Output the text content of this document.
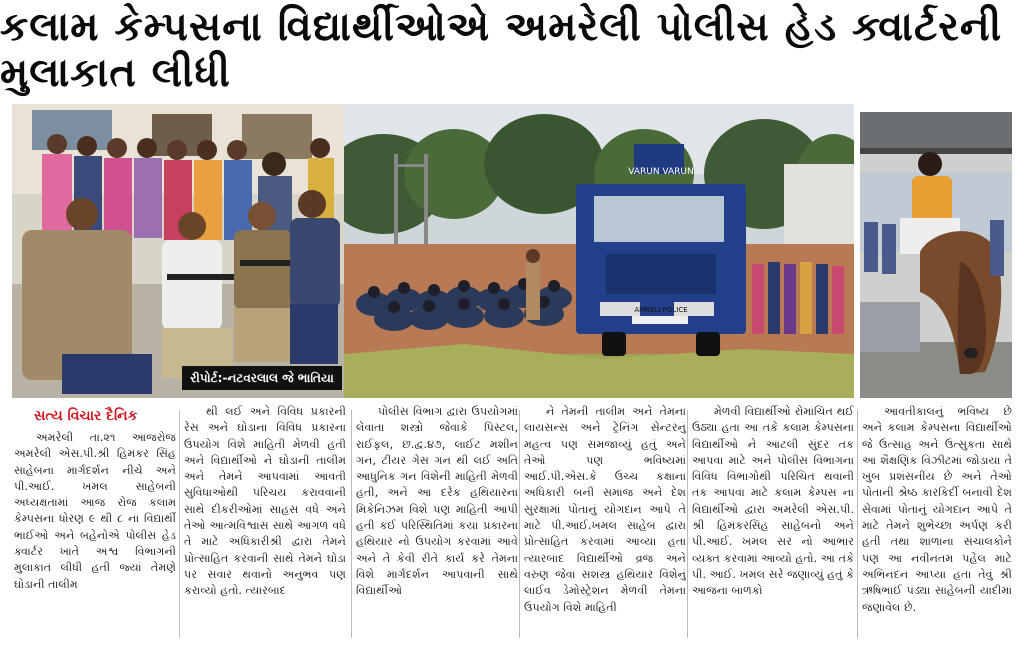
કલામ કેમ્પસના વિદ્યાર્થીઓએ અમરેલી પોલીસ હેડ ક્વાર્ટરની મુલાકાત લીધી
રીપોર્ટ:-નટવરલાલ જે ભાતિયા
VARUN VARUN
AMRELI POLICE
સત્ય વિચાર દૈનિક

અમરેલી તા.૨૧ આજરોજ અમરેલી એસ.પી.શ્રી હિમકર સિંહ સાહેબના માર્ગદર્શન નીચે અને પી.આઈ. ખમલ સાહેબની અધ્યક્ષતામાં આજ રોજ કલામ કેમ્પસના ધોરણ ૯ થી ૮ ના વિદ્યાર્થી ભાઈઓ અને બહેનોએ પોલીસ હેડ ક્વાર્ટર ખાતે અશ્વ વિભાગની મુલાકાત લીધી હતી જ્યાં તેમણે ઘોડાની તાલીમ

થી લઈ અને વિવિધ પ્રકારની રેસ અને ઘોડાના વિવિધ પ્રકારના ઉપયોગ વિશે માહિતી મેળવી હતી અને વિદ્યાર્થીઓ ને ઘોડાની તાલીમ અને તેમને આપવામાં આવતી સુવિધાઓથી પરિચય કરાવવાની સાથે દીકરીઓમાં સાહસ વધે અને તેઓ આત્મવિશ્વાસ સાથે આગળ વધે તે માટે અધિકારીશ્રી દ્વારા તેમને પ્રોત્સાહિત કરવાની સાથે તેમને ઘોડા પર સવાર થવાનો અનુભવ પણ કરાવ્યો હતો. ત્યારબાદ

પોલીસ વિભાગ દ્વારા ઉપયોગમાં લેવાતા શસ્ત્રો જેવાકે પિસ્ટલ, રાઈફલ, છ.દ્વ.૪૭, લાઈટ મશીન ગન, ટીયર ગેસ ગન થી લઈ અતિ આધુનિક ગન વિશેની માહિતી મેળવી હતી, અને આ દરેક હથિયારના મિકેનિઝમ વિશે પણ માહિતી આપી હતી કઈ પરિસ્થિતિમાં કયા પ્રકારના હથિયાર નો ઉપયોગ કરવામાં આવે અને તે કેવી રીતે કાર્ય કરે તેમના વિશે માર્ગદર્શન આપવાની સાથે વિદ્યાર્થીઓ

ને તેમની તાલીમ અને તેમના લાયસન્સ અને ટ્રેનિંગ સેન્ટરનું મહત્વ પણ સમજાવ્યું હતું અને તેઓ પણ ભવિષ્યમાં આઈ.પી.એસ.કે ઉચ્ચ કક્ષાના અધિકારી બની સમાજ અને દેશ સુરક્ષામાં પોતાનું યોગદાન આપે તે માટે પી.આઈ.ખમલ સાહેબ દ્વારા પ્રોત્સાહિત કરવામાં આવ્યા હતા ત્યારબાદ વિદ્યાર્થીઓ વ્રજ અને વરુણ જેવા સશસ્ત્ર હથિયાર વિશેનું લાઈવ ડેમોસ્ટ્રેશન મેળવી તેમના ઉપયોગ વિશે માહિતી

મેળવી વિદ્યાર્થીઓ રોમાંચિત થઈ ઉઠ્યા હતા આ તકે કલામ કેમ્પસના વિદ્યાર્થીઓ ને આટલી સુંદર તક આપવા માટે અને પોલીસ વિભાગના વિવિધ વિભાગોથી પરિચિત થવાની તક આપવા માટે કલામ કેમ્પસ ના વિદ્યાર્થીઓ દ્વારા અમરેલી એસ.પી. શ્રી હિમકરસિંહ સાહેબનો અને પી.આઈ. ખમલ સર નો આભાર વ્યક્ત કરવામાં આવ્યો હતો. આ તકે પી. આઈ. ખમલ સરે જણાવ્યું હતું કે આજના બાળકો

આવતીકાલનું ભવિષ્ય છે અને કલામ કેમ્પસના વિદ્યાર્થીઓ જે ઉત્સાહ અને ઉત્સુકતા સાથે આ શૈક્ષણિક વિઝીટમાં જોડાયા તે ખુબ પ્રશંસનીય છે અને તેઓ પોતાની શ્રેષ્ઠ કારકિર્દી બનાવી દેશ સેવામાં પોતાનું યોગદાન આપે તે માટે તેમને શુભેચ્છા અર્પણ કરી હતી તથા શાળાના સંચાલકોને પણ આ નવીનતમ પહેલ માટે અભિનંદન આપ્યા હતા તેવું શ્રી ઋષિભાઈ પંડ્યા સાહેબની યાદીમાં જણાવેલ છે.
